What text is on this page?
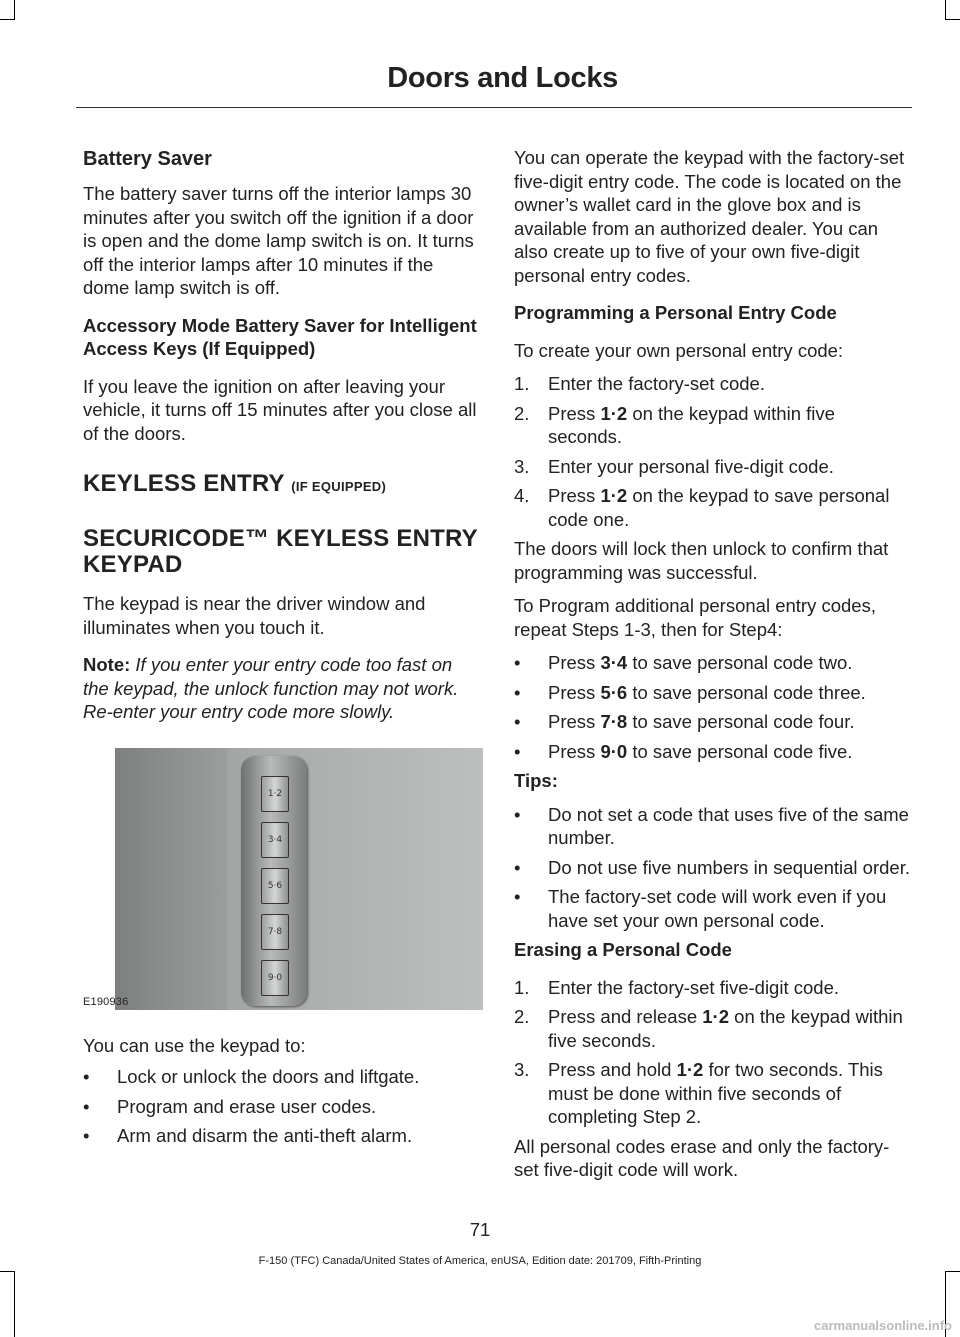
Doors and Locks
Battery Saver

The battery saver turns off the interior lamps 30 minutes after you switch off the ignition if a door is open and the dome lamp switch is on. It turns off the interior lamps after 10 minutes if the dome lamp switch is off.

Accessory Mode Battery Saver for Intelligent Access Keys (If Equipped)

If you leave the ignition on after leaving your vehicle, it turns off 15 minutes after you close all of the doors.

KEYLESS ENTRY (IF EQUIPPED)
SECURICODE™ KEYLESS ENTRY KEYPAD

The keypad is near the driver window and illuminates when you touch it.

Note: If you enter your entry code too fast on the keypad, the unlock function may not work. Re-enter your entry code more slowly.

1·2
3·4
5·6
7·8
9·0
E190936

You can use the keypad to:

•	Lock or unlock the doors and liftgate.
•	Program and erase user codes.
•	Arm and disarm the anti-theft alarm.

You can operate the keypad with the factory-set five-digit entry code. The code is located on the owner’s wallet card in the glove box and is available from an authorized dealer. You can also create up to five of your own five-digit personal entry codes.

Programming a Personal Entry Code

To create your own personal entry code:

1.	Enter the factory-set code.
2.	Press 1·2 on the keypad within five seconds.
3.	Enter your personal five-digit code.
4.	Press 1·2 on the keypad to save personal code one.

The doors will lock then unlock to confirm that programming was successful.

To Program additional personal entry codes, repeat Steps 1-3, then for Step4:

•	Press 3·4 to save personal code two.
•	Press 5·6 to save personal code three.
•	Press 7·8 to save personal code four.
•	Press 9·0 to save personal code five.
Tips:
•	Do not set a code that uses five of the same number.
•	Do not use five numbers in sequential order.
•	The factory-set code will work even if you have set your own personal code.
Erasing a Personal Code
1.	Enter the factory-set five-digit code.
2.	Press and release 1·2 on the keypad within five seconds.
3.	Press and hold 1·2 for two seconds. This must be done within five seconds of completing Step 2.

All personal codes erase and only the factory-set five-digit code will work.

71
F-150 (TFC) Canada/United States of America, enUSA, Edition date: 201709, Fifth-Printing
carmanualsonline.info
